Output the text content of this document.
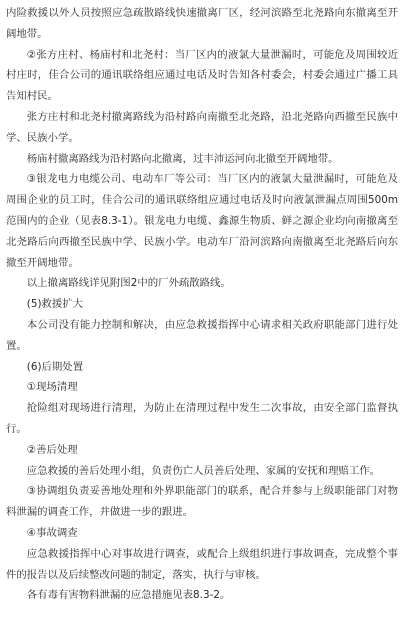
内险救援以外人员按照应急疏散路线快速撤离厂区，经河滨路至北尧路向东撤离至开阔地带。

②张方庄村、杨庙村和北尧村：当厂区内的液氯大量泄漏时，可能危及周围较近村庄时，佳合公司的通讯联络组应通过电话及时告知各村委会，村委会通过广播工具告知村民。

张方庄村和北尧村撤离路线为沿村路向南撤至北尧路，沿北尧路向西撤至民族中学、民族小学。

杨庙村撤离路线为沿村路向北撤离，过丰沛运河向北撤至开阔地带。

③银龙电力电缆公司、电动车厂等公司：当厂区内的液氯大量泄漏时，可能危及周围企业的员工时，佳合公司的通讯联络组应通过电话及时向液氯泄漏点周围500m范围内的企业（见表8.3-1）。银龙电力电缆、鑫源生物质、鲜之源企业均向南撤离至北尧路后向西撤至民族中学、民族小学。电动车厂沿河滨路向南撤离至北尧路后向东撤至开阔地带。

以上撤离路线详见附图2中的厂外疏散路线。

(5)救援扩大

本公司没有能力控制和解决，由应急救援指挥中心请求相关政府职能部门进行处置。

(6)后期处置

①现场清理

抢险组对现场进行清理，为防止在清理过程中发生二次事故，由安全部门监督执行。

②善后处理

应急救援的善后处理小组，负责伤亡人员善后处理、家属的安抚和理赔工作。

③协调组负责妥善地处理和外界职能部门的联系，配合并参与上级职能部门对物料泄漏的调查工作，并做进一步的跟进。

④事故调查

应急救援指挥中心对事故进行调查，或配合上级组织进行事故调查，完成整个事件的报告以及后续整改问题的制定，落实，执行与审核。

各有毒有害物料泄漏的应急措施见表8.3-2。
